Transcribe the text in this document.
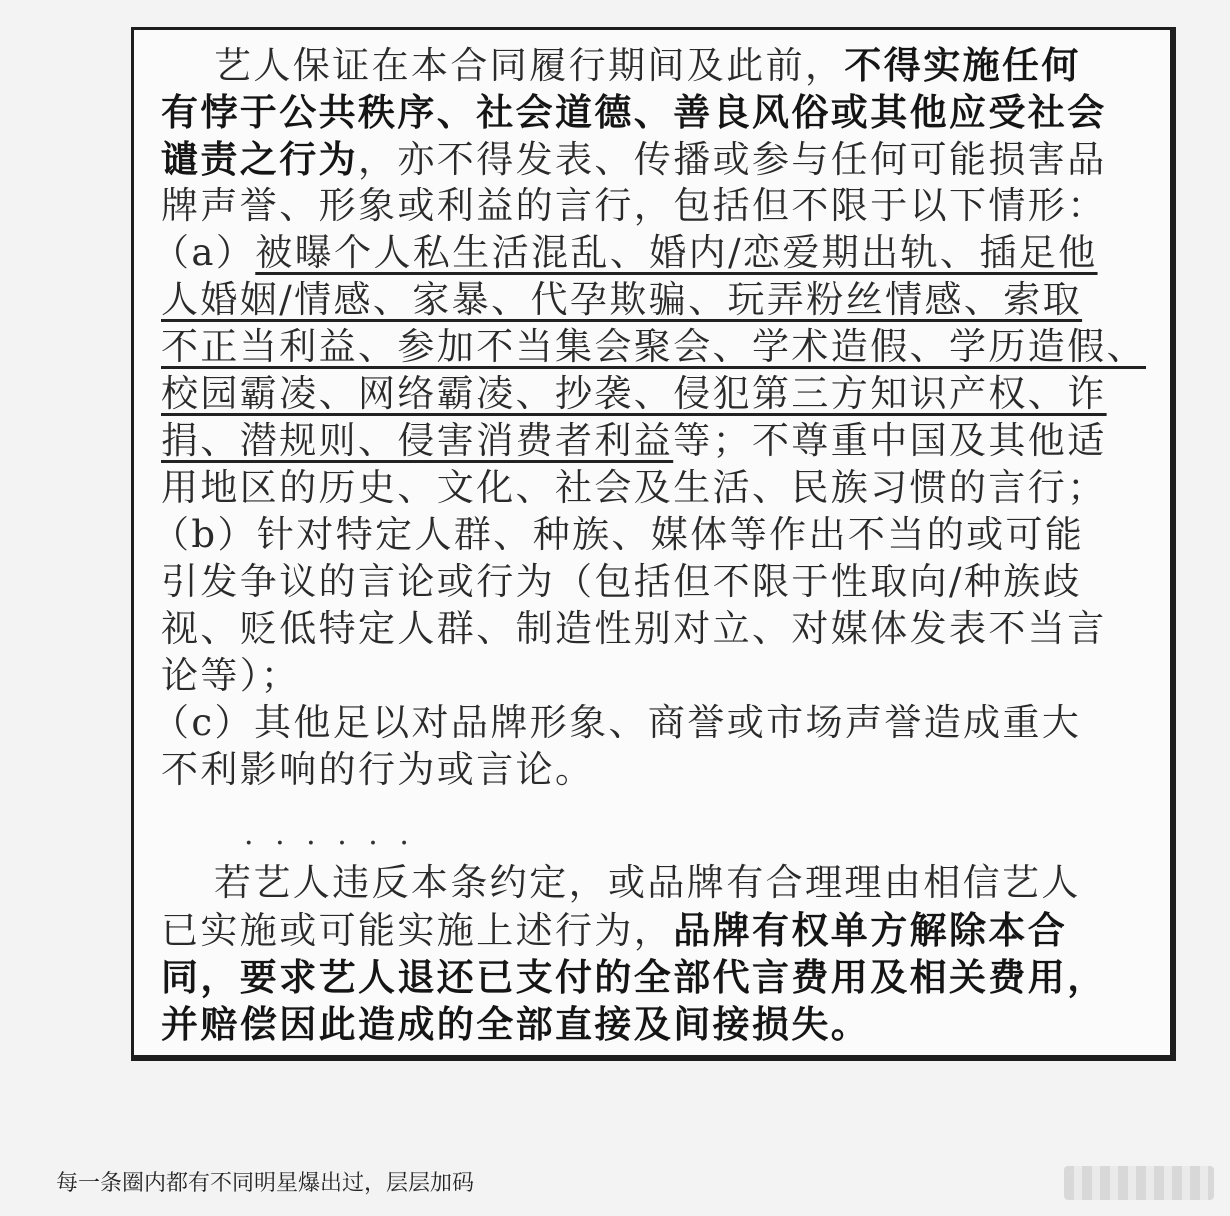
艺人保证在本合同履行期间及此前，不得实施任何
有悖于公共秩序、社会道德、善良风俗或其他应受社会
谴责之行为，亦不得发表、传播或参与任何可能损害品
牌声誉、形象或利益的言行，包括但不限于以下情形：
（a）被曝个人私生活混乱、婚内/恋爱期出轨、插足他
人婚姻/情感、家暴、代孕欺骗、玩弄粉丝情感、索取
不正当利益、参加不当集会聚会、学术造假、学历造假、
校园霸凌、网络霸凌、抄袭、侵犯第三方知识产权、诈
捐、潜规则、侵害消费者利益等；不尊重中国及其他适
用地区的历史、文化、社会及生活、民族习惯的言行；
（b）针对特定人群、种族、媒体等作出不当的或可能
引发争议的言论或行为（包括但不限于性取向/种族歧
视、贬低特定人群、制造性别对立、对媒体发表不当言
论等）；
（c）其他足以对品牌形象、商誉或市场声誉造成重大
不利影响的行为或言论。
· · · · · ·
若艺人违反本条约定，或品牌有合理理由相信艺人
已实施或可能实施上述行为，品牌有权单方解除本合
同，要求艺人退还已支付的全部代言费用及相关费用，
并赔偿因此造成的全部直接及间接损失。
每一条圈内都有不同明星爆出过，层层加码
